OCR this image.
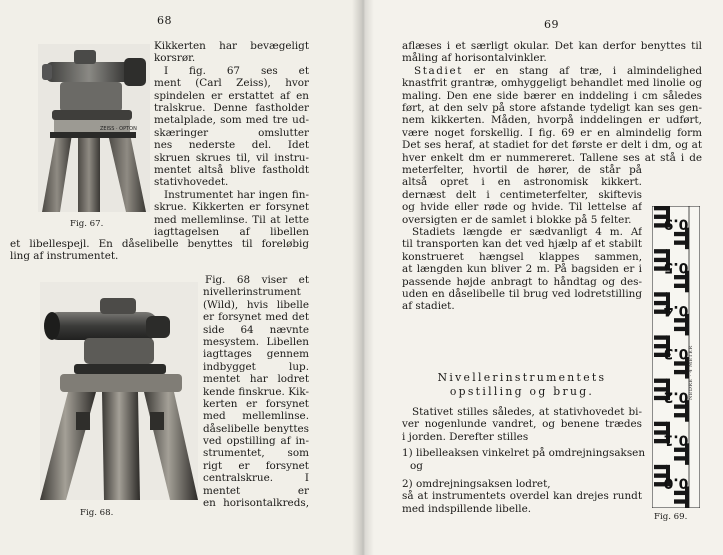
68
ZEISS · OPTON
Fig. 67.
Kikkerten har bevægeligt
korsrør.
I fig. 67 ses et
ment (Carl Zeiss), hvor
spindelen er erstattet af en
tralskrue. Denne fastholder
metalplade, som med tre ud-
skæringer omslutter
nes nederste del. Idet
skruen skrues til, vil instru-
mentet altså blive fastholdt
stativhovedet.
Instrumentet har ingen fin-
skrue. Kikkerten er forsynet
med mellemlinse. Til at lette
iagttagelsen af libellen
et libellespejl. En dåselibelle benyttes til foreløbig
ling af instrumentet.
Fig. 68.
Fig. 68 viser et
nivellerinstrument
(Wild), hvis libelle
er forsynet med det
side 64 nævnte
mesystem. Libellen
iagttages gennem
indbygget lup.
mentet har lodret
kende finskrue. Kik-
kerten er forsynet
med mellemlinse.
dåselibelle benyttes
ved opstilling af in-
strumentet, som
rigt er forsynet
centralskrue. I
mentet er
en horisontalkreds,
69
aflæses i et særligt okular. Det kan derfor benyttes til
måling af horisontalvinkler.
Stadiet er en stang af træ, i almindelighed
knastfrit grantræ, omhyggeligt behandlet med linolie og
maling. Den ene side bærer en inddeling i cm således
ført, at den selv på store afstande tydeligt kan ses gen-
nem kikkerten. Måden, hvorpå inddelingen er udført,
være noget forskellig. I fig. 69 er en almindelig form
Det ses heraf, at stadiet for det første er delt i dm, og at
hver enkelt dm er nummereret. Tallene ses at stå i de
meterfelter, hvortil de hører, de står på
altså opret i en astronomisk kikkert.
dernæst delt i centimeterfelter, skiftevis
og hvide eller røde og hvide. Til lettelse af
oversigten er de samlet i blokke på 5 felter.
Stadiets længde er sædvanligt 4 m. Af
til transporten kan det ved hjælp af et stabilt
konstrueret hængsel klappes sammen,
at længden kun bliver 2 m. På bagsiden er i
passende højde anbragt to håndtag og des-
uden en dåselibelle til brug ved lodretstilling
af stadiet.
Nivellerinstrumentets
opstilling og brug.
Stativet stilles således, at stativhovedet bi-
ver nogenlunde vandret, og benene trædes
i jorden. Derefter stilles
1) libelleaksen vinkelret på omdrejningsaksen
og
2) omdrejningsaksen lodret,
så at instrumentets overdel kan drejes rundt
med indspillende libelle.
0.9
0.5
0.4
0.3
0.2
0.1
0.0
NEDRE · 4 METER
Fig. 69.
